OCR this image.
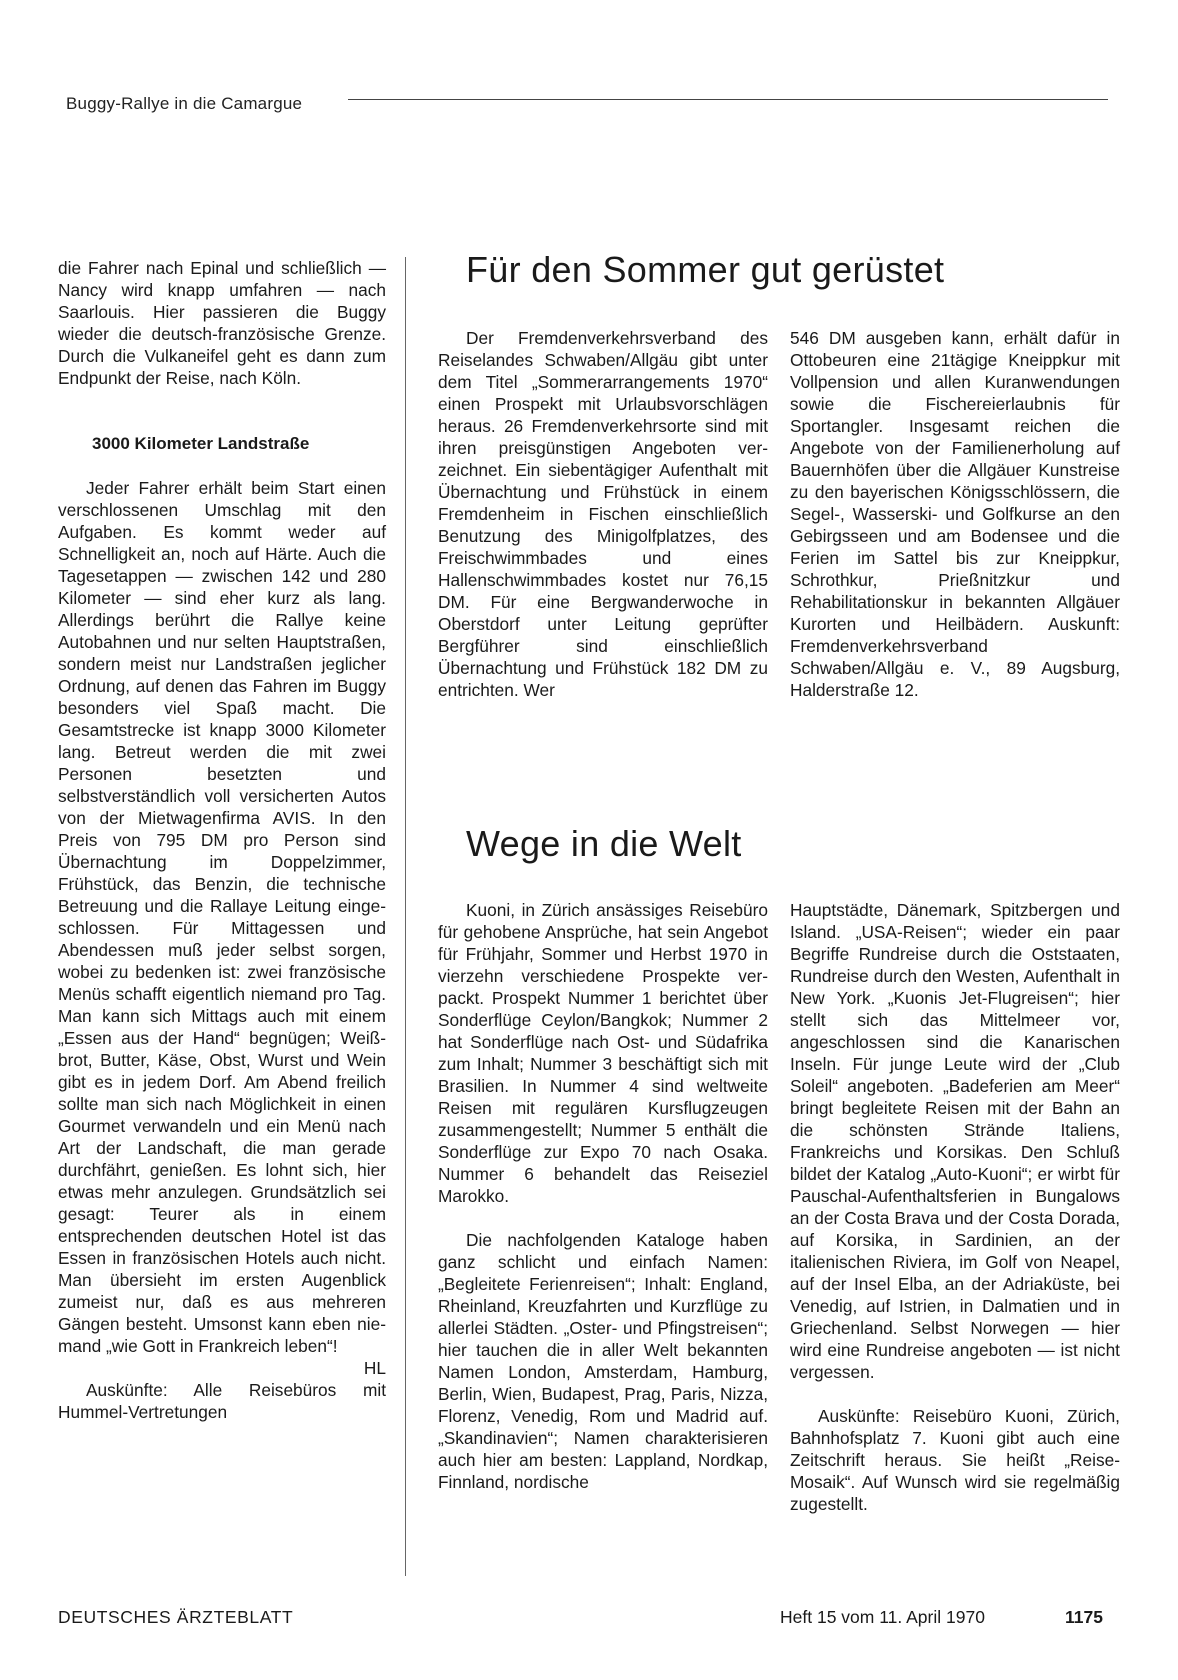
Buggy-Rallye in die Camargue

die Fahrer nach Epinal und schließlich — Nancy wird knapp umfahren — nach Saarlouis. Hier passieren die Buggy wieder die deutsch-französische Grenze. Durch die Vulkaneifel geht es dann zum Endpunkt der Reise, nach Köln.

3000 Kilometer Landstraße

Jeder Fahrer erhält beim Start einen verschlossenen Umschlag mit den Aufgaben. Es kommt weder auf Schnelligkeit an, noch auf Härte. Auch die Tagesetappen — zwischen 142 und 280 Kilometer — sind eher kurz als lang. Allerdings berührt die Rallye keine Autobahnen und nur selten Hauptstraßen, sondern meist nur Landstraßen jeglicher Ordnung, auf denen das Fahren im Buggy besonders viel Spaß macht. Die Gesamtstrecke ist knapp 3000 Kilometer lang. Betreut werden die mit zwei Personen besetzten und selbstverständlich voll versicherten Autos von der Mietwagenfirma AVIS. In den Preis von 795 DM pro Person sind Übernachtung im Doppelzimmer, Frühstück, das Benzin, die technische Betreuung und die Rallaye Leitung eingeschlossen. Für Mittagessen und Abendessen muß jeder selbst sorgen, wobei zu bedenken ist: zwei französische Menüs schafft eigentlich niemand pro Tag. Man kann sich Mittags auch mit einem „Essen aus der Hand“ begnügen; Weißbrot, Butter, Käse, Obst, Wurst und Wein gibt es in jedem Dorf. Am Abend freilich sollte man sich nach Möglichkeit in einen Gourmet verwandeln und ein Menü nach Art der Landschaft, die man gerade durchfährt, genießen. Es lohnt sich, hier etwas mehr anzulegen. Grundsätzlich sei gesagt: Teurer als in einem entsprechenden deutschen Hotel ist das Essen in französischen Hotels auch nicht. Man übersieht im ersten Augenblick zumeist nur, daß es aus mehreren Gängen besteht. Umsonst kann eben niemand „wie Gott in Frankreich leben“!
HL

Auskünfte: Alle Reisebüros mit Hummel-Vertretungen

Für den Sommer gut gerüstet

Der Fremdenverkehrsverband des Reiselandes Schwaben/Allgäu gibt unter dem Titel „Sommerarrangements 1970“ einen Prospekt mit Urlaubsvorschlägen heraus. 26 Fremdenverkehrsorte sind mit ihren preisgünstigen Angeboten verzeichnet. Ein siebentägiger Aufenthalt mit Übernachtung und Frühstück in einem Fremdenheim in Fischen einschließlich Benutzung des Minigolfplatzes, des Freischwimmbades und eines Hallenschwimmbades kostet nur 76,15 DM. Für eine Bergwanderwoche in Oberstdorf unter Leitung geprüfter Bergführer sind einschließlich Übernachtung und Frühstück 182 DM zu entrichten. Wer

546 DM ausgeben kann, erhält dafür in Ottobeuren eine 21tägige Kneippkur mit Vollpension und allen Kuranwendungen sowie die Fischereierlaubnis für Sportangler. Insgesamt reichen die Angebote von der Familienerholung auf Bauernhöfen über die Allgäuer Kunstreise zu den bayerischen Königsschlössern, die Segel-, Wasserski- und Golfkurse an den Gebirgsseen und am Bodensee und die Ferien im Sattel bis zur Kneippkur, Schrothkur, Prießnitzkur und Rehabilitationskur in bekannten Allgäuer Kurorten und Heilbädern. Auskunft: Fremdenverkehrsverband Schwaben/Allgäu e. V., 89 Augsburg, Halderstraße 12.

Wege in die Welt

Kuoni, in Zürich ansässiges Reisebüro für gehobene Ansprüche, hat sein Angebot für Frühjahr, Sommer und Herbst 1970 in vierzehn verschiedene Prospekte verpackt. Prospekt Nummer 1 berichtet über Sonderflüge Ceylon/Bangkok; Nummer 2 hat Sonderflüge nach Ost- und Südafrika zum Inhalt; Nummer 3 beschäftigt sich mit Brasilien. In Nummer 4 sind weltweite Reisen mit regulären Kursflugzeugen zusammengestellt; Nummer 5 enthält die Sonderflüge zur Expo 70 nach Osaka. Nummer 6 behandelt das Reiseziel Marokko.

Die nachfolgenden Kataloge haben ganz schlicht und einfach Namen: „Begleitete Ferienreisen“; Inhalt: England, Rheinland, Kreuzfahrten und Kurzflüge zu allerlei Städten. „Oster- und Pfingstreisen“; hier tauchen die in aller Welt bekannten Namen London, Amsterdam, Hamburg, Berlin, Wien, Budapest, Prag, Paris, Nizza, Florenz, Venedig, Rom und Madrid auf. „Skandinavien“; Namen charakterisieren auch hier am besten: Lappland, Nordkap, Finnland, nordische

Hauptstädte, Dänemark, Spitzbergen und Island. „USA-Reisen“; wieder ein paar Begriffe Rundreise durch die Oststaaten, Rundreise durch den Westen, Aufenthalt in New York. „Kuonis Jet-Flugreisen“; hier stellt sich das Mittelmeer vor, angeschlossen sind die Kanarischen Inseln. Für junge Leute wird der „Club Soleil“ angeboten. „Badeferien am Meer“ bringt begleitete Reisen mit der Bahn an die schönsten Strände Italiens, Frankreichs und Korsikas. Den Schluß bildet der Katalog „Auto-Kuoni“; er wirbt für Pauschal-Aufenthaltsferien in Bungalows an der Costa Brava und der Costa Dorada, auf Korsika, in Sardinien, an der italienischen Riviera, im Golf von Neapel, auf der Insel Elba, an der Adriaküste, bei Venedig, auf Istrien, in Dalmatien und in Griechenland. Selbst Norwegen — hier wird eine Rundreise angeboten — ist nicht vergessen.

Auskünfte: Reisebüro Kuoni, Zürich, Bahnhofsplatz 7. Kuoni gibt auch eine Zeitschrift heraus. Sie heißt „Reise-Mosaik“. Auf Wunsch wird sie regelmäßig zugestellt.

DEUTSCHES ÄRZTEBLATT	Heft 15 vom 11. April 1970	1175
